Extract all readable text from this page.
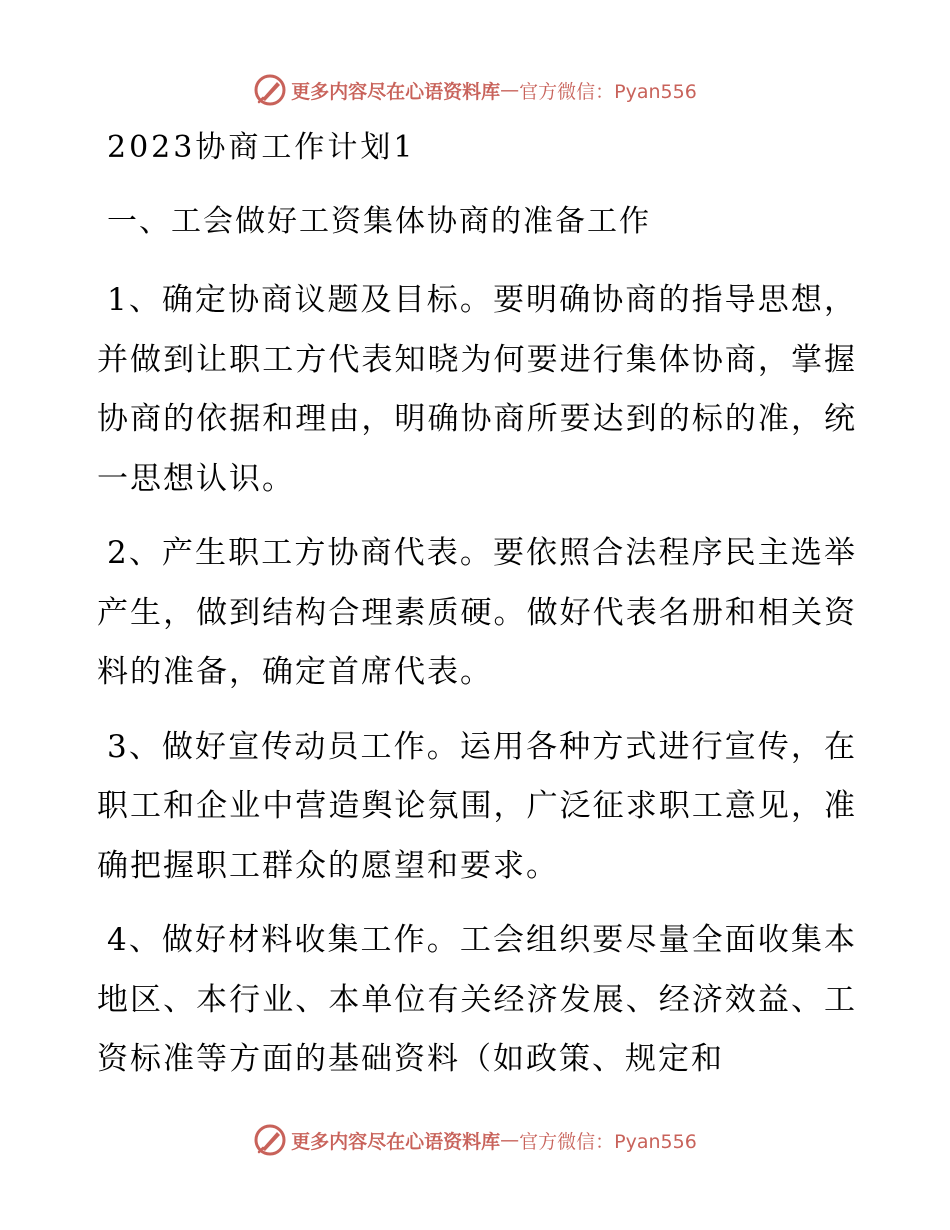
更多内容尽在心语资料库 — 官方微信：Pyan556
2023协商工作计划1
一、工会做好工资集体协商的准备工作

1、确定协商议题及目标。要明确协商的指导思想，并做到让职工方代表知晓为何要进行集体协商，掌握协商的依据和理由，明确协商所要达到的标的准，统一思想认识。

2、产生职工方协商代表。要依照合法程序民主选举产生，做到结构合理素质硬。做好代表名册和相关资料的准备，确定首席代表。

3、做好宣传动员工作。运用各种方式进行宣传，在职工和企业中营造舆论氛围，广泛征求职工意见，准确把握职工群众的愿望和要求。

4、做好材料收集工作。工会组织要尽量全面收集本地区、本行业、本单位有关经济发展、经济效益、工资标准等方面的基础资料（如政策、规定和

更多内容尽在心语资料库 — 官方微信：Pyan556
